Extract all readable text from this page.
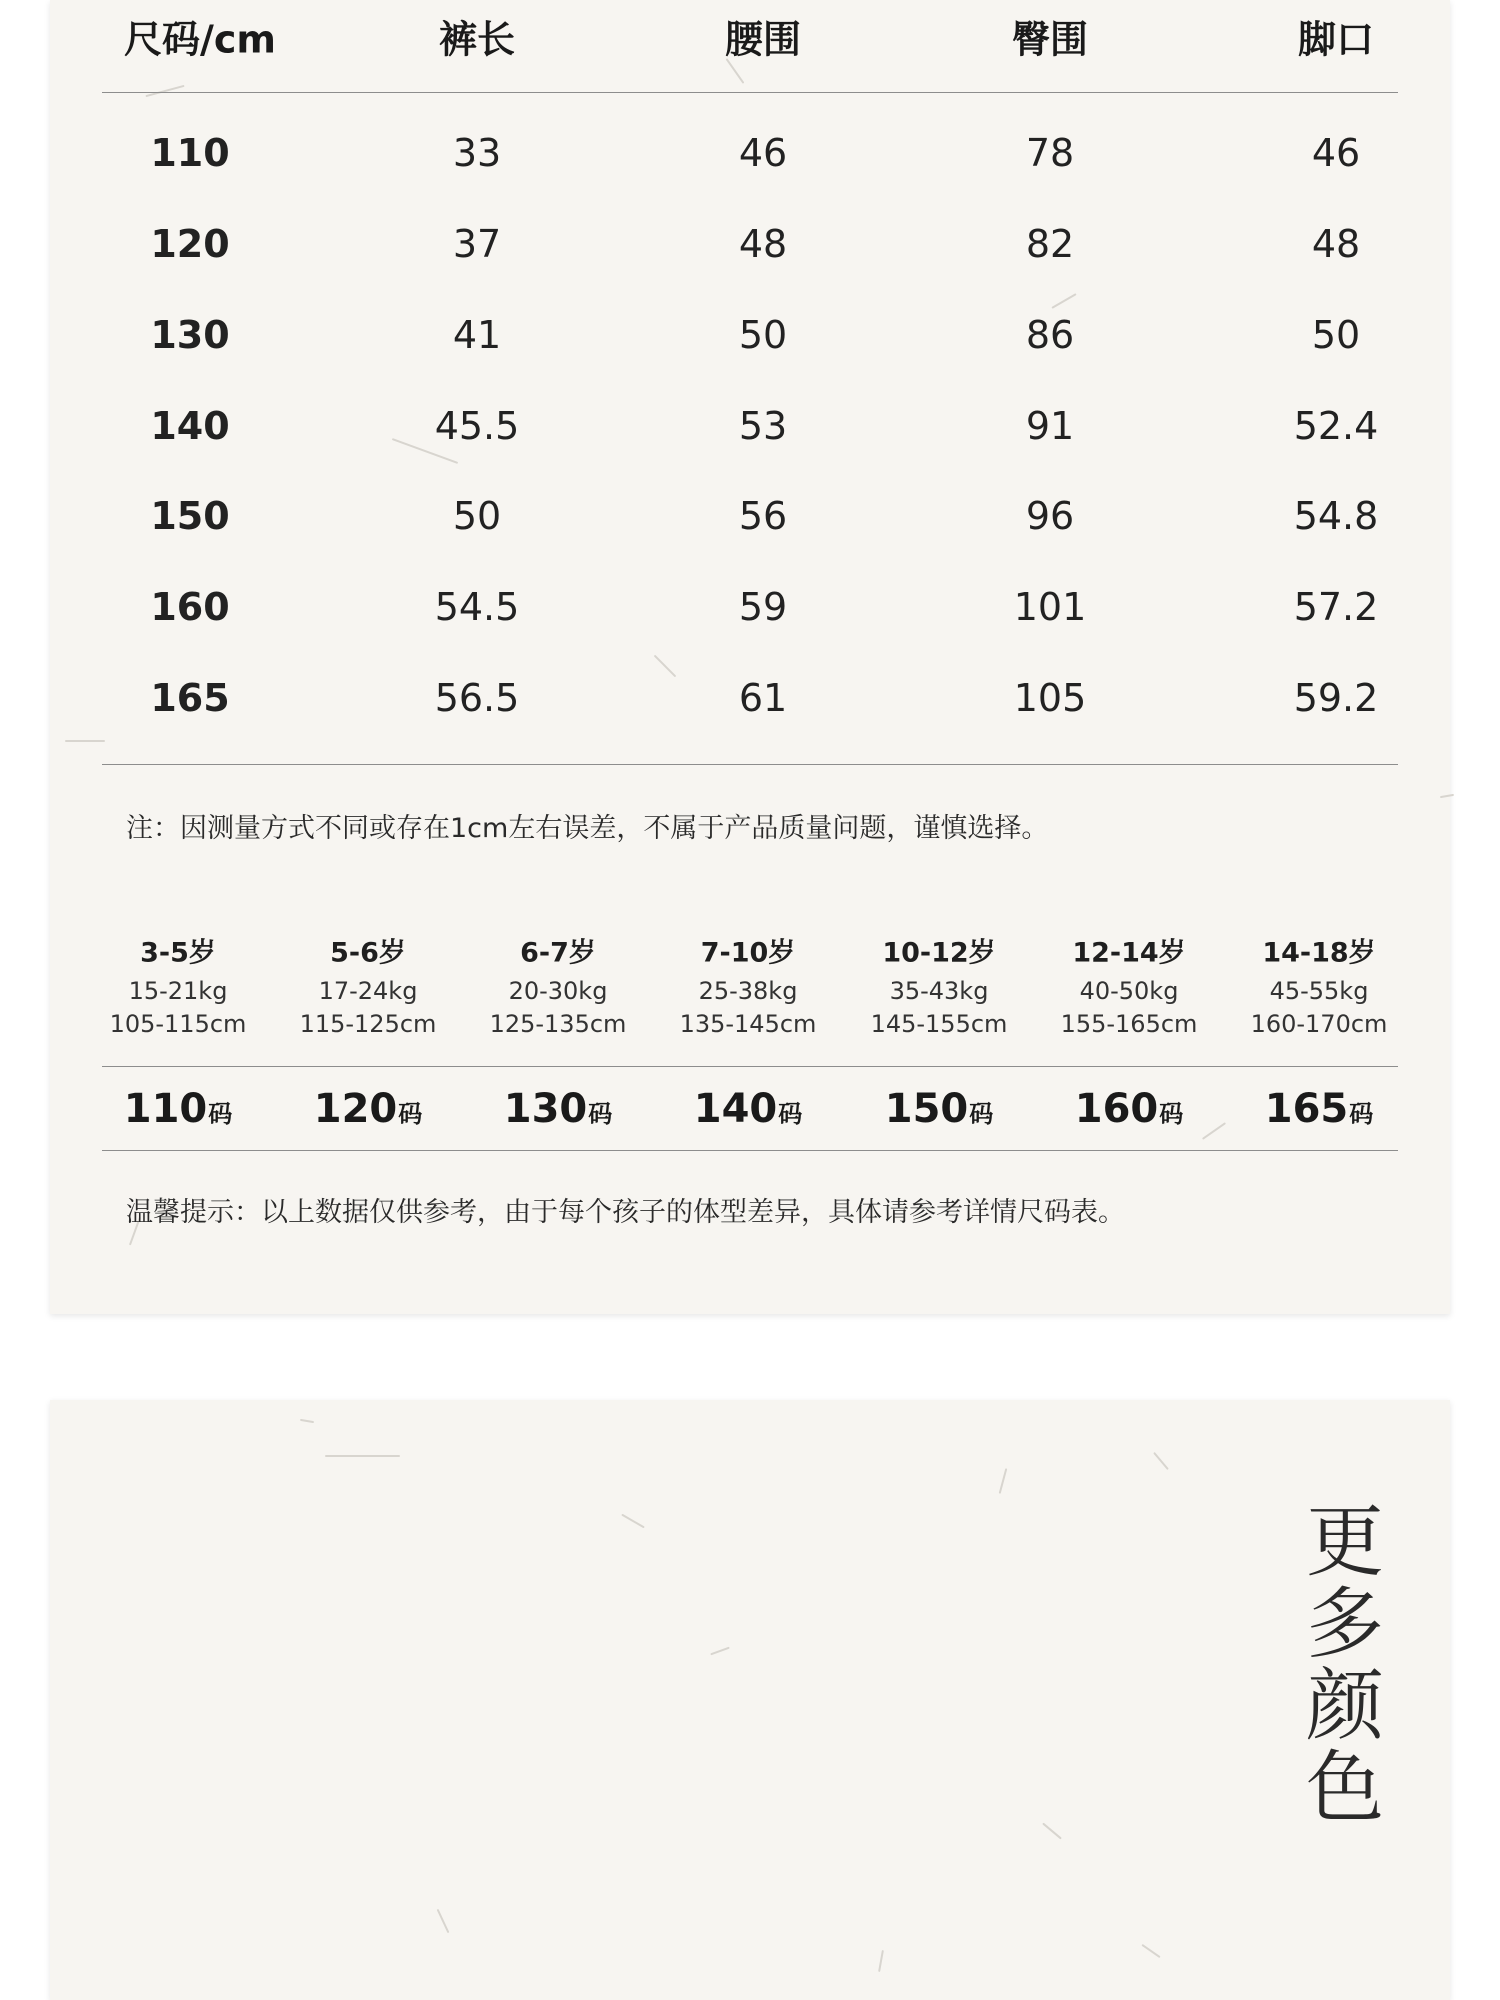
尺码/cm	裤长	腰围	臀围	脚口
110	33	46	78	46
120	37	48	82	48
130	41	50	86	50
140	45.5	53	91	52.4
150	50	56	96	54.8
160	54.5	59	101	57.2
165	56.5	61	105	59.2
注：因测量方式不同或存在1cm左右误差，不属于产品质量问题，谨慎选择。
3-5岁	5-6岁	6-7岁	7-10岁	10-12岁	12-14岁	14-18岁
15-21kg	17-24kg	20-30kg	25-38kg	35-43kg	40-50kg	45-55kg
105-115cm 115-125cm 125-135cm 135-145cm 145-155cm 155-165cm 160-170cm
110码 120码 130码 140码 150码 160码 165码
温馨提示：以上数据仅供参考，由于每个孩子的体型差异，具体请参考详情尺码表。
更多颜色
